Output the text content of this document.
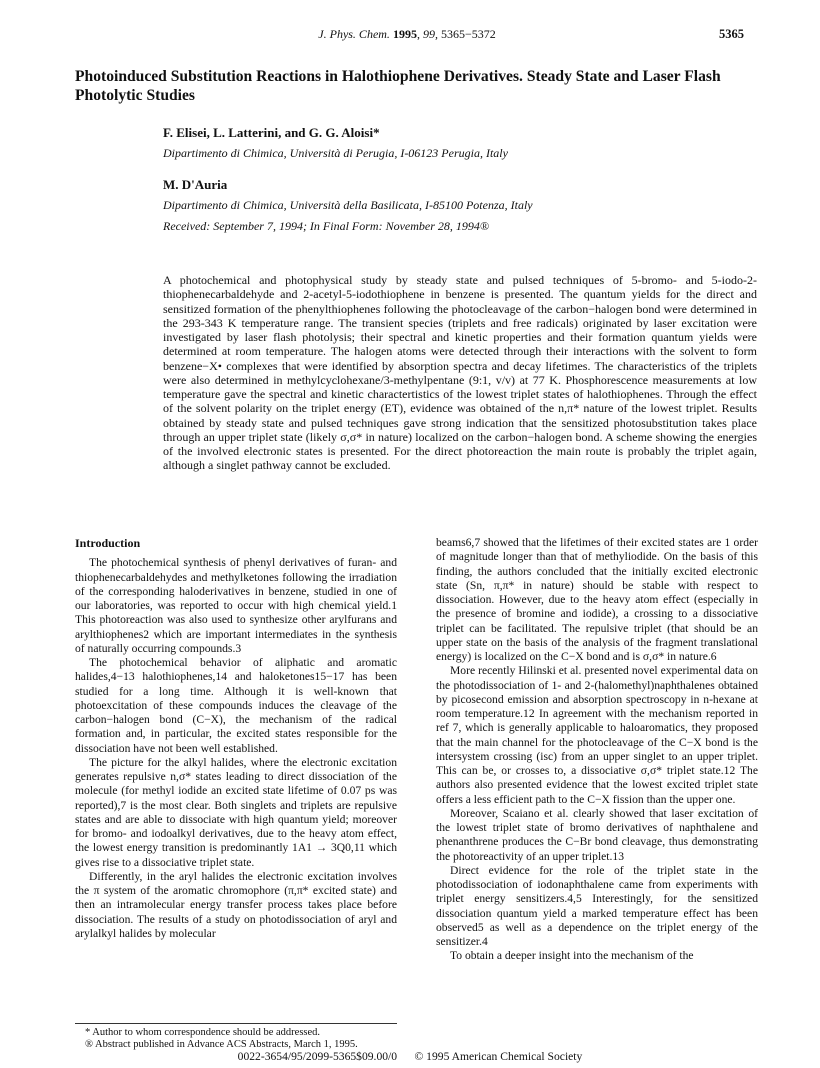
J. Phys. Chem. 1995, 99, 5365−5372	5365
Photoinduced Substitution Reactions in Halothiophene Derivatives. Steady State and Laser Flash Photolytic Studies

F. Elisei, L. Latterini, and G. G. Aloisi*

Dipartimento di Chimica, Università di Perugia, I-06123 Perugia, Italy

M. D'Auria

Dipartimento di Chimica, Università della Basilicata, I-85100 Potenza, Italy

Received: September 7, 1994; In Final Form: November 28, 1994®

A photochemical and photophysical study by steady state and pulsed techniques of 5-bromo- and 5-iodo-2-thiophenecarbaldehyde and 2-acetyl-5-iodothiophene in benzene is presented. The quantum yields for the direct and sensitized formation of the phenylthiophenes following the photocleavage of the carbon−halogen bond were determined in the 293-343 K temperature range. The transient species (triplets and free radicals) originated by laser excitation were investigated by laser flash photolysis; their spectral and kinetic properties and their formation quantum yields were determined at room temperature. The halogen atoms were detected through their interactions with the solvent to form benzene−X• complexes that were identified by absorption spectra and decay lifetimes. The characteristics of the triplets were also determined in methylcyclohexane/3-methylpentane (9:1, v/v) at 77 K. Phosphorescence measurements at low temperature gave the spectral and kinetic charactertistics of the lowest triplet states of halothiophenes. Through the effect of the solvent polarity on the triplet energy (ET), evidence was obtained of the n,π* nature of the lowest triplet. Results obtained by steady state and pulsed techniques gave strong indication that the sensitized photosubstitution takes place through an upper triplet state (likely σ,σ* in nature) localized on the carbon−halogen bond. A scheme showing the energies of the involved electronic states is presented. For the direct photoreaction the main route is probably the triplet again, although a singlet pathway cannot be excluded.

Introduction

The photochemical synthesis of phenyl derivatives of furan- and thiophenecarbaldehydes and methylketones following the irradiation of the corresponding haloderivatives in benzene, studied in one of our laboratories, was reported to occur with high chemical yield.1 This photoreaction was also used to synthesize other arylfurans and arylthiophenes2 which are important intermediates in the synthesis of naturally occurring compounds.3

The photochemical behavior of aliphatic and aromatic halides,4−13 halothiophenes,14 and haloketones15−17 has been studied for a long time. Although it is well-known that photoexcitation of these compounds induces the cleavage of the carbon−halogen bond (C−X), the mechanism of the radical formation and, in particular, the excited states responsible for the dissociation have not been well established.

The picture for the alkyl halides, where the electronic excitation generates repulsive n,σ* states leading to direct dissociation of the molecule (for methyl iodide an excited state lifetime of 0.07 ps was reported),7 is the most clear. Both singlets and triplets are repulsive states and are able to dissociate with high quantum yield; moreover for bromo- and iodoalkyl derivatives, due to the heavy atom effect, the lowest energy transition is predominantly 1A1 → 3Q0,11 which gives rise to a dissociative triplet state.

Differently, in the aryl halides the electronic excitation involves the π system of the aromatic chromophore (π,π* excited state) and then an intramolecular energy transfer process takes place before dissociation. The results of a study on photodissociation of aryl and arylalkyl halides by molecular

beams6,7 showed that the lifetimes of their excited states are 1 order of magnitude longer than that of methyliodide. On the basis of this finding, the authors concluded that the initially excited electronic state (Sn, π,π* in nature) should be stable with respect to dissociation. However, due to the heavy atom effect (especially in the presence of bromine and iodide), a crossing to a dissociative triplet can be facilitated. The repulsive triplet (that should be an upper state on the basis of the analysis of the fragment translational energy) is localized on the C−X bond and is σ,σ* in nature.6

More recently Hilinski et al. presented novel experimental data on the photodissociation of 1- and 2-(halomethyl)naphthalenes obtained by picosecond emission and absorption spectroscopy in n-hexane at room temperature.12 In agreement with the mechanism reported in ref 7, which is generally applicable to haloaromatics, they proposed that the main channel for the photocleavage of the C−X bond is the intersystem crossing (isc) from an upper singlet to an upper triplet. This can be, or crosses to, a dissociative σ,σ* triplet state.12 The authors also presented evidence that the lowest excited triplet state offers a less efficient path to the C−X fission than the upper one.

Moreover, Scaiano et al. clearly showed that laser excitation of the lowest triplet state of bromo derivatives of naphthalene and phenanthrene produces the C−Br bond cleavage, thus demonstrating the photoreactivity of an upper triplet.13

Direct evidence for the role of the triplet state in the photodissociation of iodonaphthalene came from experiments with triplet energy sensitizers.4,5 Interestingly, for the sensitized dissociation quantum yield a marked temperature effect has been observed5 as well as a dependence on the triplet energy of the sensitizer.4

To obtain a deeper insight into the mechanism of the

* Author to whom correspondence should be addressed.

® Abstract published in Advance ACS Abstracts, March 1, 1995.

0022-3654/95/2099-5365$09.00/0 © 1995 American Chemical Society
